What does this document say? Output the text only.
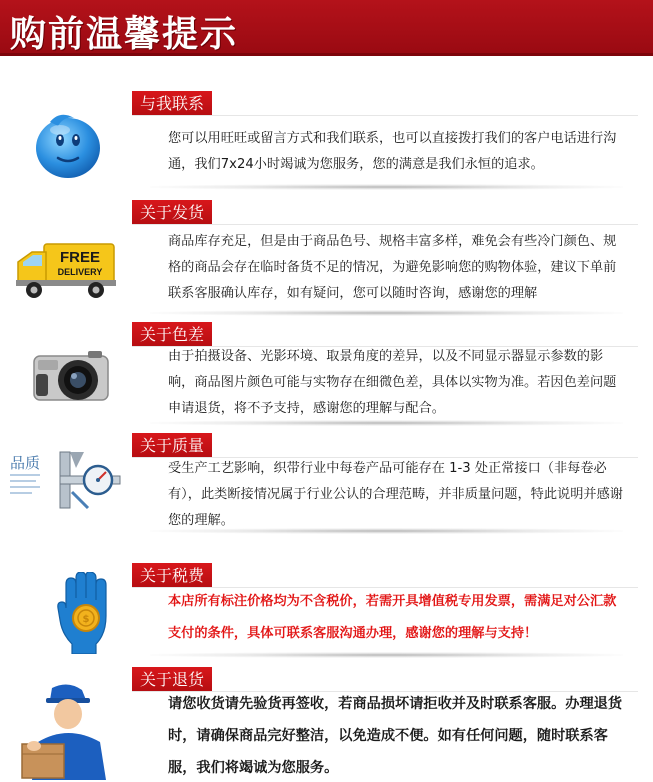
购前温馨提示
与我联系
您可以用旺旺或留言方式和我们联系，也可以直接拨打我们的客户电话进行沟通，我们7x24小时竭诚为您服务，您的满意是我们永恒的追求。
FREE
DELIVERY
关于发货
商品库存充足，但是由于商品色号、规格丰富多样，难免会有些冷门颜色、规格的商品会存在临时备货不足的情况，为避免影响您的购物体验，建议下单前联系客服确认库存，如有疑问，您可以随时咨询，感谢您的理解
关于色差
由于拍摄设备、光影环境、取景角度的差异，以及不同显示器显示参数的影响，商品图片颜色可能与实物存在细微色差，具体以实物为准。若因色差问题申请退货，将不予支持，感谢您的理解与配合。
品质
关于质量
受生产工艺影响，织带行业中每卷产品可能存在 1-3 处正常接口（非每卷必有），此类断接情况属于行业公认的合理范畴，并非质量问题，特此说明并感谢您的理解。
$
关于税费
本店所有标注价格均为不含税价，若需开具增值税专用发票，需满足对公汇款支付的条件，具体可联系客服沟通办理，感谢您的理解与支持！
关于退货
请您收货请先验货再签收，若商品损坏请拒收并及时联系客服。办理退货时，请确保商品完好整洁，以免造成不便。如有任何问题，随时联系客服，我们将竭诚为您服务。
